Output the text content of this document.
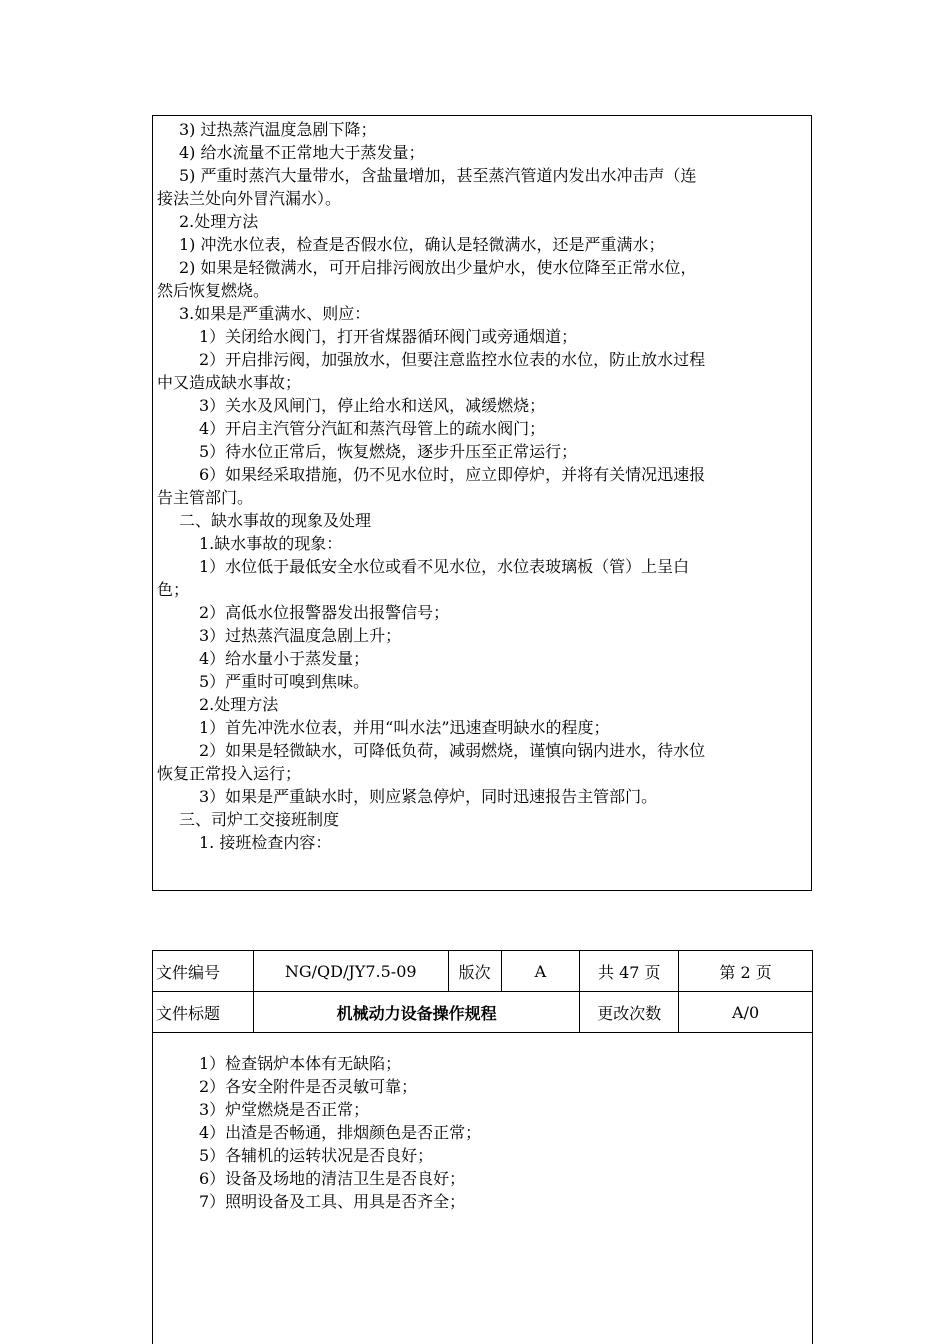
3) 过热蒸汽温度急剧下降；
4) 给水流量不正常地大于蒸发量；
5) 严重时蒸汽大量带水，含盐量增加，甚至蒸汽管道内发出水冲击声（连
接法兰处向外冒汽漏水）。
2.处理方法
1) 冲洗水位表，检查是否假水位，确认是轻微满水，还是严重满水；
2) 如果是轻微满水，可开启排污阀放出少量炉水，使水位降至正常水位，
然后恢复燃烧。
3.如果是严重满水、则应：
1）关闭给水阀门，打开省煤器循环阀门或旁通烟道；
2）开启排污阀，加强放水，但要注意监控水位表的水位，防止放水过程
中又造成缺水事故；
3）关水及风闸门，停止给水和送风，减缓燃烧；
4）开启主汽管分汽缸和蒸汽母管上的疏水阀门；
5）待水位正常后，恢复燃烧，逐步升压至正常运行；
6）如果经采取措施，仍不见水位时，应立即停炉，并将有关情况迅速报
告主管部门。
二、缺水事故的现象及处理
1.缺水事故的现象：
1）水位低于最低安全水位或看不见水位，水位表玻璃板（管）上呈白
色；
2）高低水位报警器发出报警信号；
3）过热蒸汽温度急剧上升；
4）给水量小于蒸发量；
5）严重时可嗅到焦味。
2.处理方法
1）首先冲洗水位表，并用“叫水法”迅速查明缺水的程度；
2）如果是轻微缺水，可降低负荷，减弱燃烧，谨慎向锅内进水，待水位
恢复正常投入运行；
3）如果是严重缺水时，则应紧急停炉，同时迅速报告主管部门。
三、司炉工交接班制度
1. 接班检查内容：
文件编号	NG/QD/JY7.5-09	版次	A	共 47 页	第 2 页
文件标题	机械动力设备操作规程			更改次数	A/0
1）检查锅炉本体有无缺陷；
2）各安全附件是否灵敏可靠；
3）炉堂燃烧是否正常；
4）出渣是否畅通，排烟颜色是否正常；
5）各辅机的运转状况是否良好；
6）设备及场地的清洁卫生是否良好；
7）照明设备及工具、用具是否齐全；
